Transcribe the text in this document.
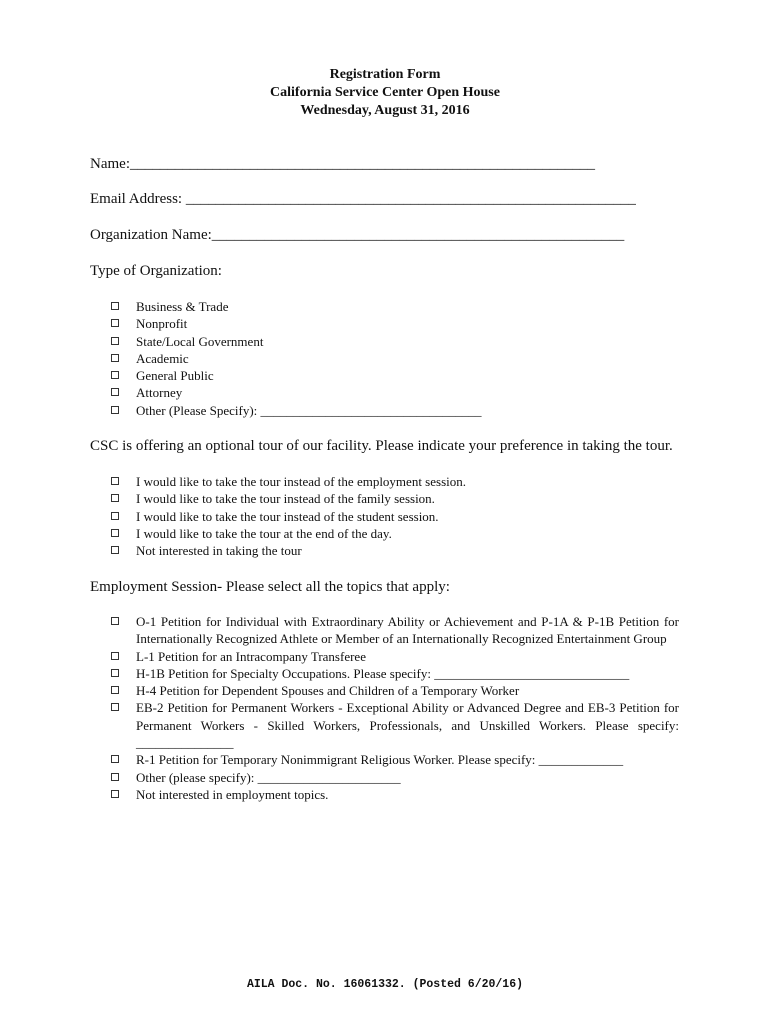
Registration Form
California Service Center Open House
Wednesday, August 31, 2016
Name:______________________________________________________________
Email Address: ____________________________________________________________
Organization Name:_______________________________________________________
Type of Organization:
Business & Trade
Nonprofit
State/Local Government
Academic
General Public
Attorney
Other (Please Specify): __________________________________
CSC is offering an optional tour of our facility. Please indicate your preference in taking the tour.
I would like to take the tour instead of the employment session.
I would like to take the tour instead of the family session.
I would like to take the tour instead of the student session.
I would like to take the tour at the end of the day.
Not interested in taking the tour
Employment Session- Please select all the topics that apply:
O-1 Petition for Individual with Extraordinary Ability or Achievement and P-1A & P-1B Petition for Internationally Recognized Athlete or Member of an Internationally Recognized Entertainment Group
L-1 Petition for an Intracompany Transferee
H-1B Petition for Specialty Occupations. Please specify: ______________________________
H-4 Petition for Dependent Spouses and Children of a Temporary Worker
EB-2 Petition for Permanent Workers - Exceptional Ability or Advanced Degree and EB-3 Petition for Permanent Workers - Skilled Workers, Professionals, and Unskilled Workers. Please specify: _______________
R-1 Petition for Temporary Nonimmigrant Religious Worker. Please specify: _____________
Other (please specify): ______________________
Not interested in employment topics.
AILA Doc. No. 16061332. (Posted 6/20/16)
